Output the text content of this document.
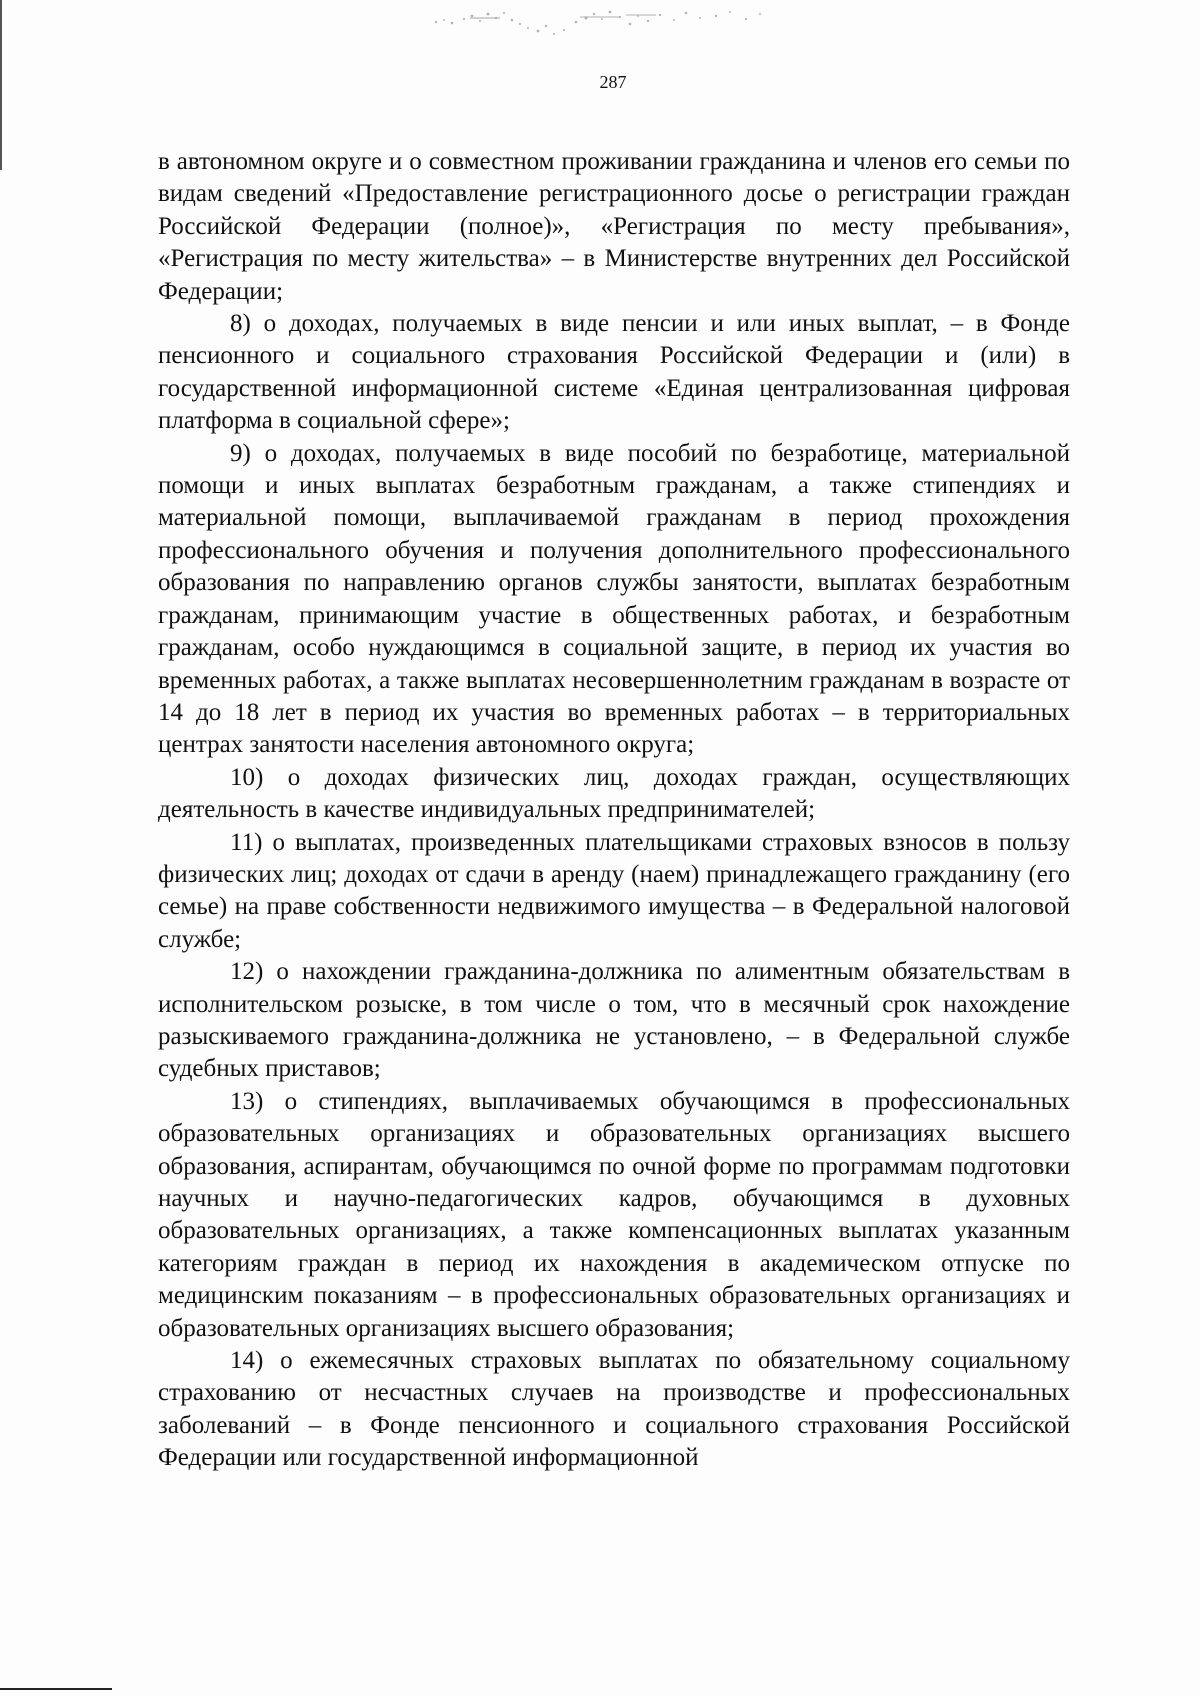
287

в автономном округе и о совместном проживании гражданина и членов его семьи по видам сведений «Предоставление регистрационного досье о регистрации граждан Российской Федерации (полное)», «Регистрация по месту пребывания», «Регистрация по месту жительства» – в Министерстве внутренних дел Российской Федерации;

8) о доходах, получаемых в виде пенсии и или иных выплат, – в Фонде пенсионного и социального страхования Российской Федерации и (или) в государственной информационной системе «Единая централизованная цифровая платформа в социальной сфере»;

9) о доходах, получаемых в виде пособий по безработице, материальной помощи и иных выплатах безработным гражданам, а также стипендиях и материальной помощи, выплачиваемой гражданам в период прохождения профессионального обучения и получения дополнительного профессионального образования по направлению органов службы занятости, выплатах безработным гражданам, принимающим участие в общественных работах, и безработным гражданам, особо нуждающимся в социальной защите, в период их участия во временных работах, а также выплатах несовершеннолетним гражданам в возрасте от 14 до 18 лет в период их участия во временных работах – в территориальных центрах занятости населения автономного округа;

10) о доходах физических лиц, доходах граждан, осуществляющих деятельность в качестве индивидуальных предпринимателей;

11) о выплатах, произведенных плательщиками страховых взносов в пользу физических лиц; доходах от сдачи в аренду (наем) принадлежащего гражданину (его семье) на праве собственности недвижимого имущества – в Федеральной налоговой службе;

12) о нахождении гражданина-должника по алиментным обязательствам в исполнительском розыске, в том числе о том, что в месячный срок нахождение разыскиваемого гражданина-должника не установлено, – в Федеральной службе судебных приставов;

13) о стипендиях, выплачиваемых обучающимся в профессиональных образовательных организациях и образовательных организациях высшего образования, аспирантам, обучающимся по очной форме по программам подготовки научных и научно-педагогических кадров, обучающимся в духовных образовательных организациях, а также компенсационных выплатах указанным категориям граждан в период их нахождения в академическом отпуске по медицинским показаниям – в профессиональных образовательных организациях и образовательных организациях высшего образования;

14) о ежемесячных страховых выплатах по обязательному социальному страхованию от несчастных случаев на производстве и профессиональных заболеваний – в Фонде пенсионного и социального страхования Российской Федерации или государственной информационной
